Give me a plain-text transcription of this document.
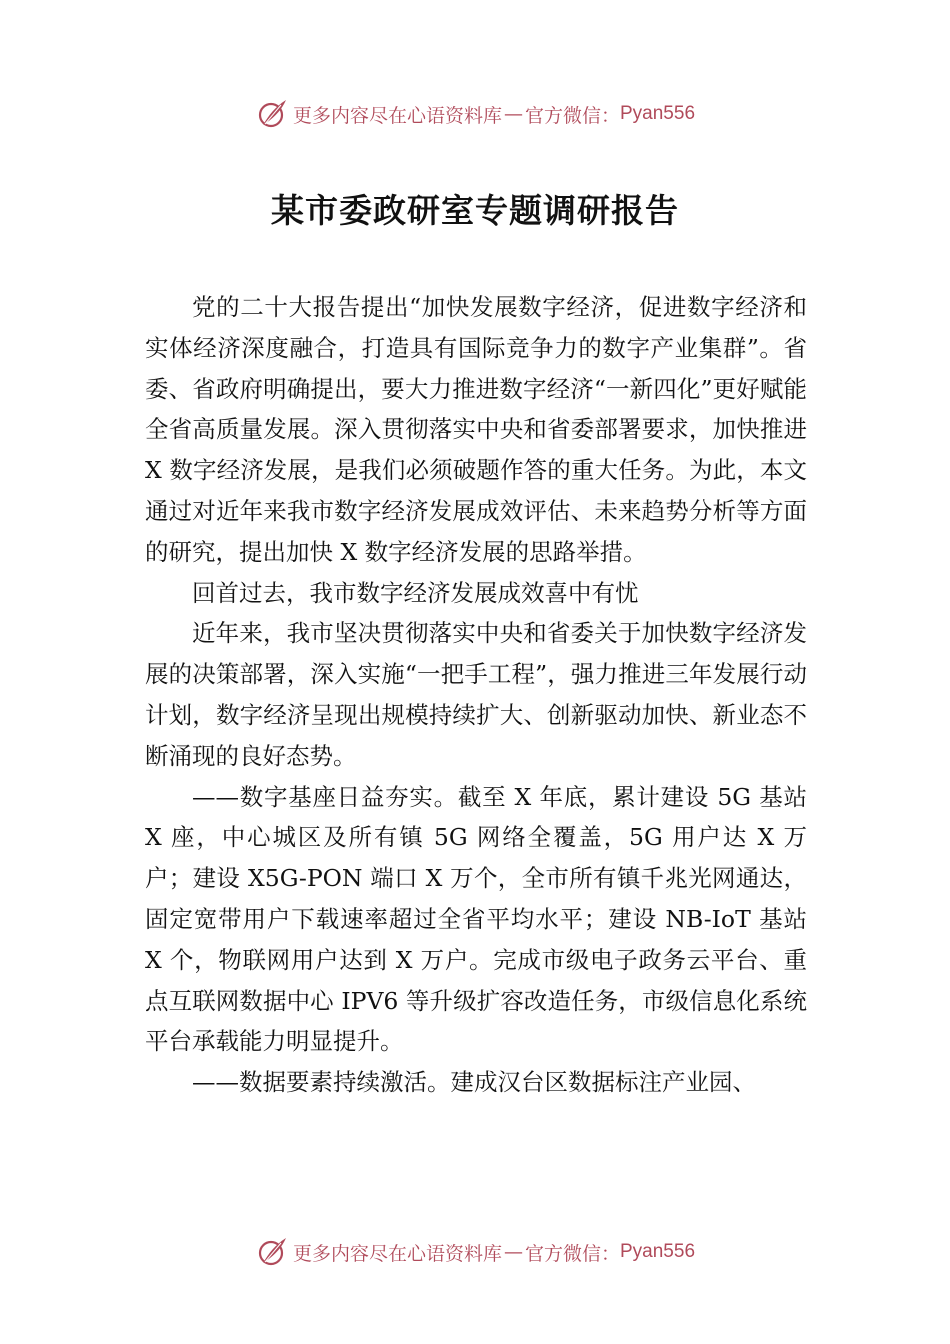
更多内容尽在心语资料库 — 官方微信： Pyan556
某市委政研室专题调研报告

党的二十大报告提出“加快发展数字经济，促进数字经济和实体经济深度融合，打造具有国际竞争力的数字产业集群”。省委、省政府明确提出，要大力推进数字经济“一新四化”更好赋能全省高质量发展。深入贯彻落实中央和省委部署要求，加快推进 X 数字经济发展，是我们必须破题作答的重大任务。为此，本文通过对近年来我市数字经济发展成效评估、未来趋势分析等方面的研究，提出加快 X 数字经济发展的思路举措。

回首过去，我市数字经济发展成效喜中有忧

近年来，我市坚决贯彻落实中央和省委关于加快数字经济发展的决策部署，深入实施“一把手工程”，强力推进三年发展行动计划，数字经济呈现出规模持续扩大、创新驱动加快、新业态不断涌现的良好态势。

——数字基座日益夯实。截至 X 年底，累计建设 5G 基站 X 座，中心城区及所有镇 5G 网络全覆盖，5G 用户达 X 万户；建设 X5G-PON 端口 X 万个，全市所有镇千兆光网通达，固定宽带用户下载速率超过全省平均水平；建设 NB-IoT 基站 X 个，物联网用户达到 X 万户。完成市级电子政务云平台、重点互联网数据中心 IPV6 等升级扩容改造任务，市级信息化系统平台承载能力明显提升。

——数据要素持续激活。建成汉台区数据标注产业园、

更多内容尽在心语资料库 — 官方微信： Pyan556
